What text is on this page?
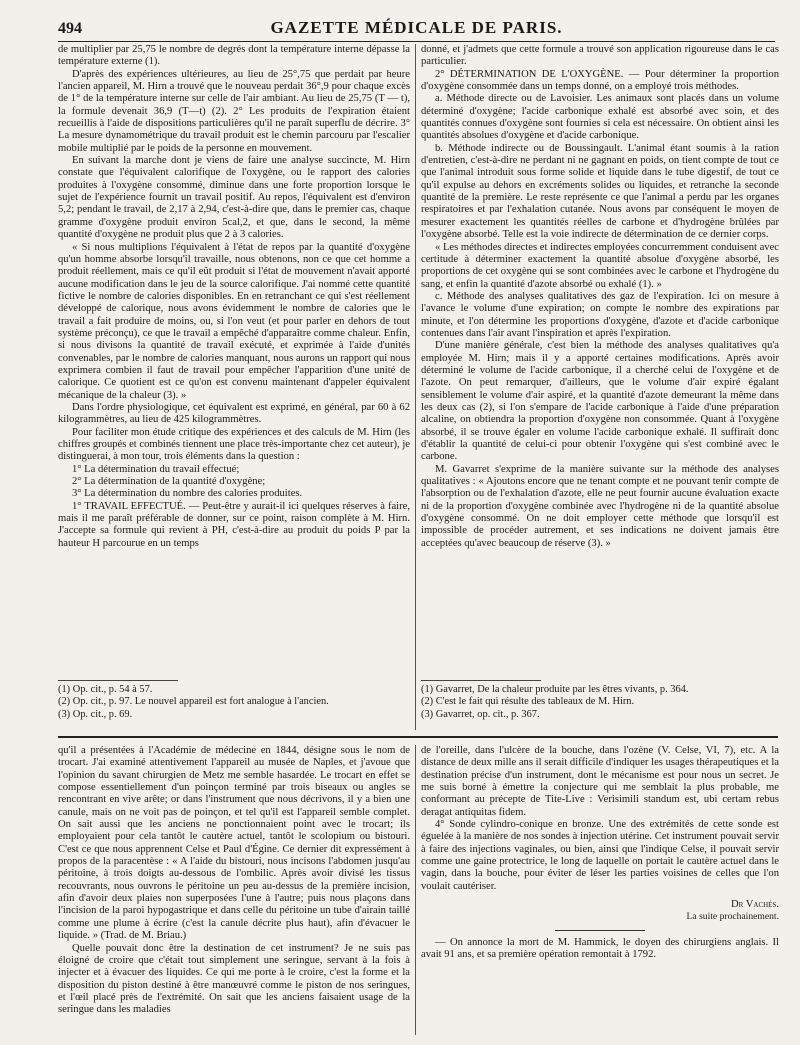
494	GAZETTE MÉDICALE DE PARIS.

de multiplier par 25,75 le nombre de degrés dont la température interne dépasse la température externe (1).

D'après des expériences ultérieures, au lieu de 25°,75 que perdait par heure l'ancien appareil, M. Hirn a trouvé que le nouveau perdait 36°,9 pour chaque excès de 1° de la température interne sur celle de l'air ambiant. Au lieu de 25,75 (T — t), la formule devenait 36,9 (T—t) (2). 2° Les produits de l'expiration étaient recueillis à l'aide de dispositions particulières qu'il ne paraît superflu de décrire. 3° La mesure dynamométrique du travail produit est le chemin parcouru par l'escalier mobile multiplié par le poids de la personne en mouvement.

En suivant la marche dont je viens de faire une analyse succincte, M. Hirn constate que l'équivalent calorifique de l'oxygène, ou le rapport des calories produites à l'oxygène consommé, diminue dans une forte proportion lorsque le sujet de l'expérience fournit un travail positif. Au repos, l'équivalent est d'environ 5,2; pendant le travail, de 2,17 à 2,94, c'est-à-dire que, dans le premier cas, chaque gramme d'oxygène produit environ 5cal,2, et que, dans le second, la même quantité d'oxygène ne produit plus que 2 à 3 calories.

« Si nous multiplions l'équivalent à l'état de repos par la quantité d'oxygène qu'un homme absorbe lorsqu'il travaille, nous obtenons, non ce que cet homme a produit réellement, mais ce qu'il eût produit si l'état de mouvement n'avait apporté aucune modification dans le jeu de la source calorifique. J'ai nommé cette quantité fictive le nombre de calories disponibles. En en retranchant ce qui s'est réellement développé de calorique, nous avons évidemment le nombre de calories que le travail a fait produire de moins, ou, si l'on veut (et pour parler en dehors de tout système préconçu), ce que le travail a empêché d'apparaître comme chaleur. Enfin, si nous divisons la quantité de travail exécuté, et exprimée à l'aide d'unités convenables, par le nombre de calories manquant, nous aurons un rapport qui nous exprimera combien il faut de travail pour empêcher l'apparition d'une unité de calorique. Ce quotient est ce qu'on est convenu maintenant d'appeler équivalent mécanique de la chaleur (3). »

Dans l'ordre physiologique, cet équivalent est exprimé, en général, par 60 à 62 kilogrammètres, au lieu de 425 kilogrammètres.

Pour faciliter mon étude critique des expériences et des calculs de M. Hirn (les chiffres groupés et combinés tiennent une place très-importante chez cet auteur), je distinguerai, à mon tour, trois éléments dans la question :

1° La détermination du travail effectué;

2° La détermination de la quantité d'oxygène;

3° La détermination du nombre des calories produites.

1° TRAVAIL EFFECTUÉ. — Peut-être y aurait-il ici quelques réserves à faire, mais il me paraît préférable de donner, sur ce point, raison complète à M. Hirn. J'accepte sa formule qui revient à PH, c'est-à-dire au produit du poids P par la hauteur H parcourue en un temps

donné, et j'admets que cette formule a trouvé son application rigoureuse dans le cas particulier.

2° DÉTERMINATION DE L'OXYGÈNE. — Pour déterminer la proportion d'oxygène consommée dans un temps donné, on a employé trois méthodes.

a. Méthode directe ou de Lavoisier. Les animaux sont placés dans un volume déterminé d'oxygène; l'acide carbonique exhalé est absorbé avec soin, et des quantités connues d'oxygène sont fournies si cela est nécessaire. On obtient ainsi les quantités absolues d'oxygène et d'acide carbonique.

b. Méthode indirecte ou de Boussingault. L'animal étant soumis à la ration d'entretien, c'est-à-dire ne perdant ni ne gagnant en poids, on tient compte de tout ce que l'animal introduit sous forme solide et liquide dans le tube digestif, de tout ce qu'il expulse au dehors en excréments solides ou liquides, et retranche la seconde quantité de la première. Le reste représente ce que l'animal a perdu par les organes respiratoires et par l'exhalation cutanée. Nous avons par conséquent le moyen de mesurer exactement les quantités réelles de carbone et d'hydrogène brûlées par l'oxygène absorbé. Telle est la voie indirecte de détermination de ce dernier corps.

« Les méthodes directes et indirectes employées concurremment conduisent avec certitude à déterminer exactement la quantité absolue d'oxygène absorbé, les proportions de cet oxygène qui se sont combinées avec le carbone et l'hydrogène du sang, et enfin la quantité d'azote absorbé ou exhalé (1). »

c. Méthode des analyses qualitatives des gaz de l'expiration. Ici on mesure à l'avance le volume d'une expiration; on compte le nombre des expirations par minute, et l'on détermine les proportions d'oxygène, d'azote et d'acide carbonique contenues dans l'air avant l'inspiration et après l'expiration.

D'une manière générale, c'est bien la méthode des analyses qualitatives qu'a employée M. Hirn; mais il y a apporté certaines modifications. Après avoir déterminé le volume de l'acide carbonique, il a cherché celui de l'oxygène et de l'azote. On peut remarquer, d'ailleurs, que le volume d'air expiré égalant sensiblement le volume d'air aspiré, et la quantité d'azote demeurant la même dans les deux cas (2), si l'on s'empare de l'acide carbonique à l'aide d'une préparation alcaline, on obtiendra la proportion d'oxygène non consommée. Quant à l'oxygène absorbé, il se trouve égaler en volume l'acide carbonique exhalé. Il suffirait donc d'établir la quantité de celui-ci pour obtenir l'oxygène qui s'est combiné avec le carbone.

M. Gavarret s'exprime de la manière suivante sur la méthode des analyses qualitatives : « Ajoutons encore que ne tenant compte et ne pouvant tenir compte de l'absorption ou de l'exhalation d'azote, elle ne peut fournir aucune évaluation exacte ni de la proportion d'oxygène combinée avec l'hydrogène ni de la quantité absolue d'oxygène consommé. On ne doit employer cette méthode que lorsqu'il est impossible de procéder autrement, et ses indications ne doivent jamais être acceptées qu'avec beaucoup de réserve (3). »

(1) Op. cit., p. 54 à 57.

(2) Op. cit., p. 97. Le nouvel appareil est fort analogue à l'ancien.

(3) Op. cit., p. 69.

(1) Gavarret, De la chaleur produite par les êtres vivants, p. 364.

(2) C'est le fait qui résulte des tableaux de M. Hirn.

(3) Gavarret, op. cit., p. 367.

qu'il a présentées à l'Académie de médecine en 1844, désigne sous le nom de trocart. J'ai examiné attentivement l'appareil au musée de Naples, et j'avoue que l'opinion du savant chirurgien de Metz me semble hasardée. Le trocart en effet se compose essentiellement d'un poinçon terminé par trois biseaux ou angles se rencontrant en vive arête; or dans l'instrument que nous décrivons, il y a bien une canule, mais on ne voit pas de poinçon, et tel qu'il est l'appareil semble complet. On sait aussi que les anciens ne ponctionnaient point avec le trocart; ils employaient pour cela tantôt le cautère actuel, tantôt le scolopium ou bistouri. C'est ce que nous apprennent Celse et Paul d'Égine. Ce dernier dit expressément à propos de la paracentèse : « A l'aide du bistouri, nous incisons l'abdomen jusqu'au péritoine, à trois doigts au-dessous de l'ombilic. Après avoir divisé les tissus recouvrants, nous ouvrons le péritoine un peu au-dessus de la première incision, afin d'avoir deux plaies non superposées l'une à l'autre; puis nous plaçons dans l'incision de la paroi hypogastrique et dans celle du péritoine un tube d'airain taillé comme une plume à écrire (c'est la canule décrite plus haut), afin d'évacuer le liquide. » (Trad. de M. Briau.)

Quelle pouvait donc être la destination de cet instrument? Je ne suis pas éloigné de croire que c'était tout simplement une seringue, servant à la fois à injecter et à évacuer des liquides. Ce qui me porte à le croire, c'est la forme et la disposition du piston destiné à être manœuvré comme le piston de nos seringues, et l'œil placé près de l'extrémité. On sait que les anciens faisaient usage de la seringue dans les maladies

de l'oreille, dans l'ulcère de la bouche, dans l'ozène (V. Celse, VI, 7), etc. A la distance de deux mille ans il serait difficile d'indiquer les usages thérapeutiques et la destination précise d'un instrument, dont le mécanisme est pour nous un secret. Je me suis borné à émettre la conjecture qui me semblait la plus probable, me conformant au précepte de Tite-Live : Verisimili standum est, ubi certam rebus deragat antiquitas fidem.

4° Sonde cylindro-conique en bronze. Une des extrémités de cette sonde est éguelée à la manière de nos sondes à injection utérine. Cet instrument pouvait servir à faire des injections vaginales, ou bien, ainsi que l'indique Celse, il pouvait servir comme une gaine protectrice, le long de laquelle on portait le cautère actuel dans le vagin, dans la bouche, pour éviter de léser les parties voisines de celles que l'on voulait cautériser.

Dr Vachés.

La suite prochainement.

— On annonce la mort de M. Hammick, le doyen des chirurgiens anglais. Il avait 91 ans, et sa première opération remontait à 1792.
